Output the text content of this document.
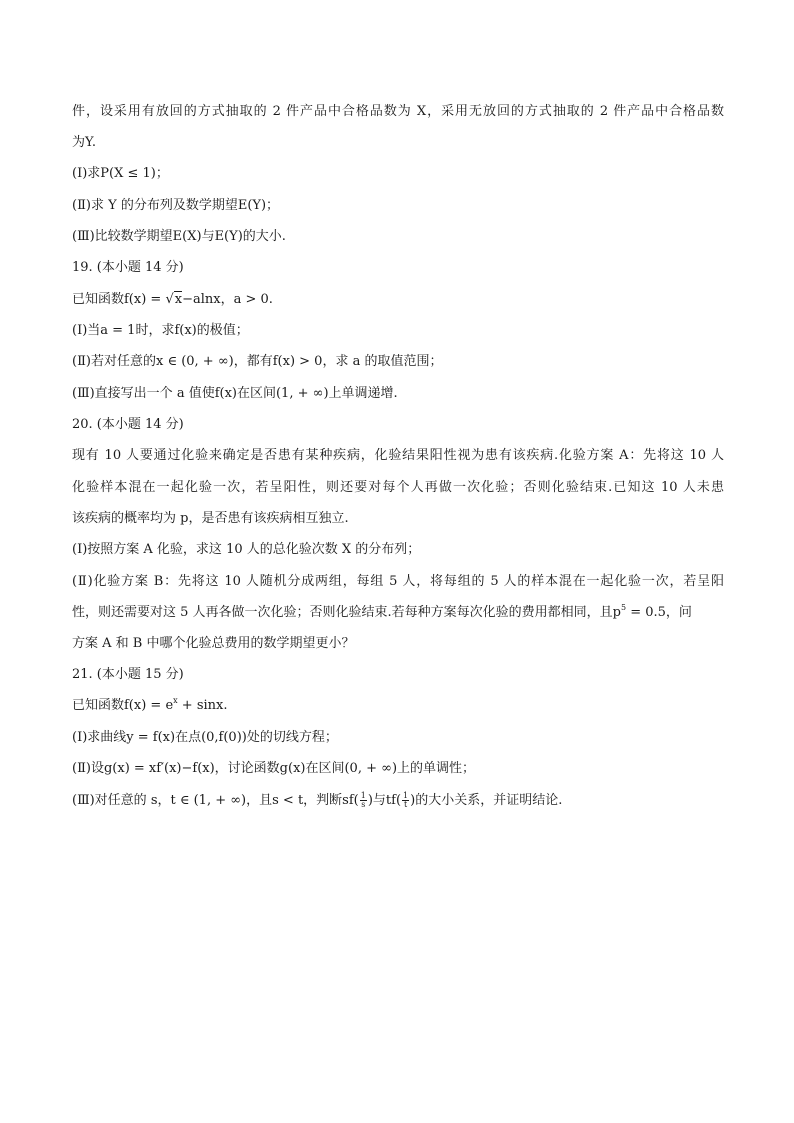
件，设采用有放回的方式抽取的 2 件产品中合格品数为 X，采用无放回的方式抽取的 2 件产品中合格品数
为Y.
(Ⅰ)求P(X ≤ 1)；
(Ⅱ)求 Y 的分布列及数学期望E(Y)；
(Ⅲ)比较数学期望E(X)与E(Y)的大小.
19. (本小题 14 分)
已知函数f(x) = √x−alnx，a > 0.
(Ⅰ)当a = 1时，求f(x)的极值；
(Ⅱ)若对任意的x ∈ (0, + ∞)，都有f(x) > 0，求 a 的取值范围；
(Ⅲ)直接写出一个 a 值使f(x)在区间(1, + ∞)上单调递增.
20. (本小题 14 分)
现有 10 人要通过化验来确定是否患有某种疾病，化验结果阳性视为患有该疾病.化验方案 A：先将这 10 人
化验样本混在一起化验一次，若呈阳性，则还要对每个人再做一次化验；否则化验结束.已知这 10 人未患
该疾病的概率均为 p，是否患有该疾病相互独立.
(Ⅰ)按照方案 A 化验，求这 10 人的总化验次数 X 的分布列；
(Ⅱ)化验方案 B：先将这 10 人随机分成两组，每组 5 人，将每组的 5 人的样本混在一起化验一次，若呈阳
性，则还需要对这 5 人再各做一次化验；否则化验结束.若每种方案每次化验的费用都相同，且$p^5 = 0.5$，问
方案 A 和 B 中哪个化验总费用的数学期望更小？
21. (本小题 15 分)
已知函数$f(x) = e^x + \sin x$.
(Ⅰ)求曲线y = f(x)在点(0,f(0))处的切线方程；
(Ⅱ)设g(x) = xf′(x)−f(x)，讨论函数g(x)在区间(0, + ∞)上的单调性；
(Ⅲ)对任意的 s，t ∈ (1, + ∞)，且s < t，判断$sf( \frac{1}{s}$ )与$tf( \frac{1}{t}$ )的大小关系，并证明结论.
